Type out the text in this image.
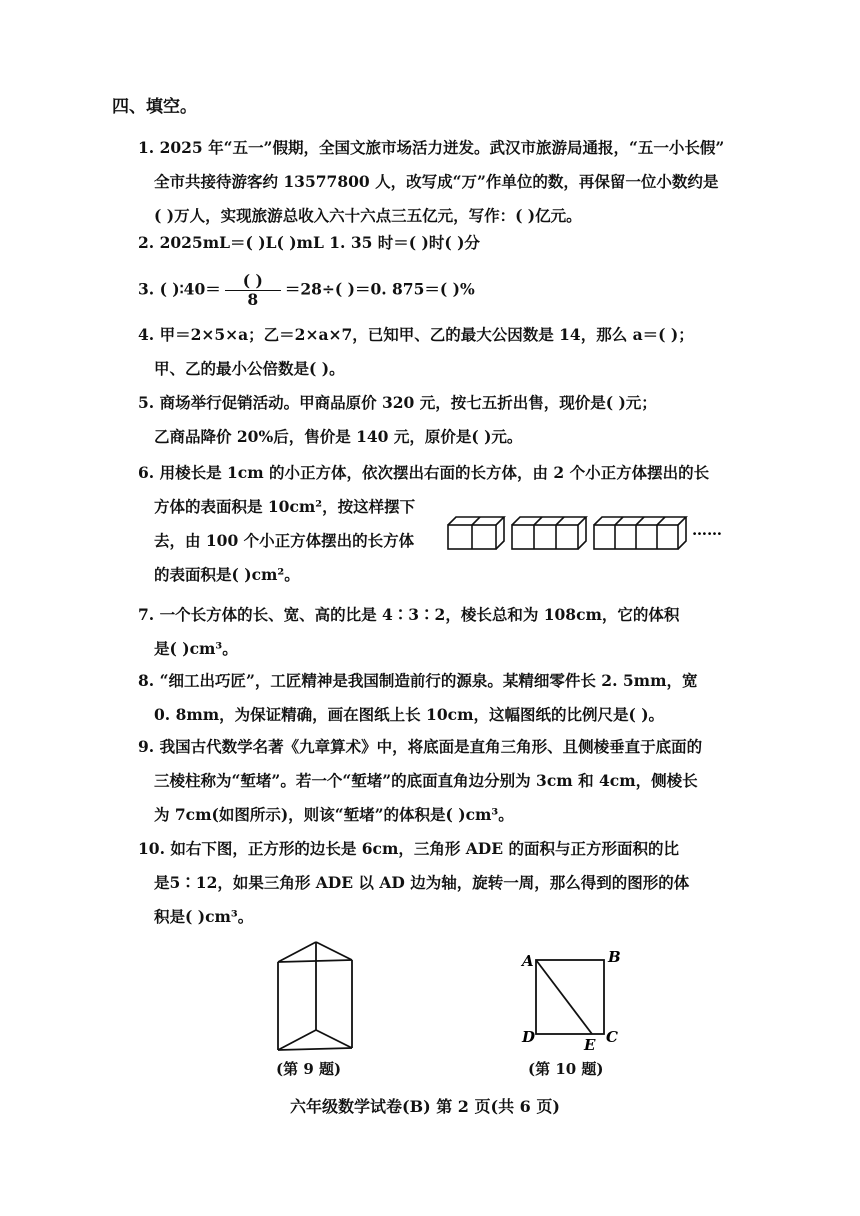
四、填空。
1. 2025 年“五一”假期，全国文旅市场活力迸发。武汉市旅游局通报，“五一小长假”
全市共接待游客约 13577800 人，改写成“万”作单位的数，再保留一位小数约是
( )万人，实现旅游总收入六十六点三五亿元，写作：( )亿元。
2. 2025mL＝( )L( )mL 1. 35 时＝( )时( )分
3. ( )∶40＝ $\frac{( )}{8} =28\div$( )＝0. 875＝( )%
4. 甲＝2×5×a；乙＝2×a×7，已知甲、乙的最大公因数是 14，那么 a＝( )；
甲、乙的最小公倍数是( )。
5. 商场举行促销活动。甲商品原价 320 元，按七五折出售，现价是( )元；
乙商品降价 20%后，售价是 140 元，原价是( )元。
6. 用棱长是 1cm 的小正方体，依次摆出右面的长方体，由 2 个小正方体摆出的长
方体的表面积是 10cm²，按这样摆下
去，由 100 个小正方体摆出的长方体
的表面积是( )cm²。
……
7. 一个长方体的长、宽、高的比是 4∶3∶2，棱长总和为 108cm，它的体积
是( )cm³。
8. “细工出巧匠”，工匠精神是我国制造前行的源泉。某精细零件长 2. 5mm，宽
0. 8mm，为保证精确，画在图纸上长 10cm，这幅图纸的比例尺是( )。
9. 我国古代数学名著《九章算术》中，将底面是直角三角形、且侧棱垂直于底面的
三棱柱称为“堑堵”。若一个“堑堵”的底面直角边分别为 3cm 和 4cm，侧棱长
为 7cm(如图所示)，则该“堑堵”的体积是( )cm³。
10. 如右下图，正方形的边长是 6cm，三角形 ADE 的面积与正方形面积的比
是5∶12，如果三角形 ADE 以 AD 边为轴，旋转一周，那么得到的图形的体
积是( )cm³。
(第 9 题)
A	B
D	E C
(第 10 题)
六年级数学试卷(B) 第 2 页(共 6 页)
